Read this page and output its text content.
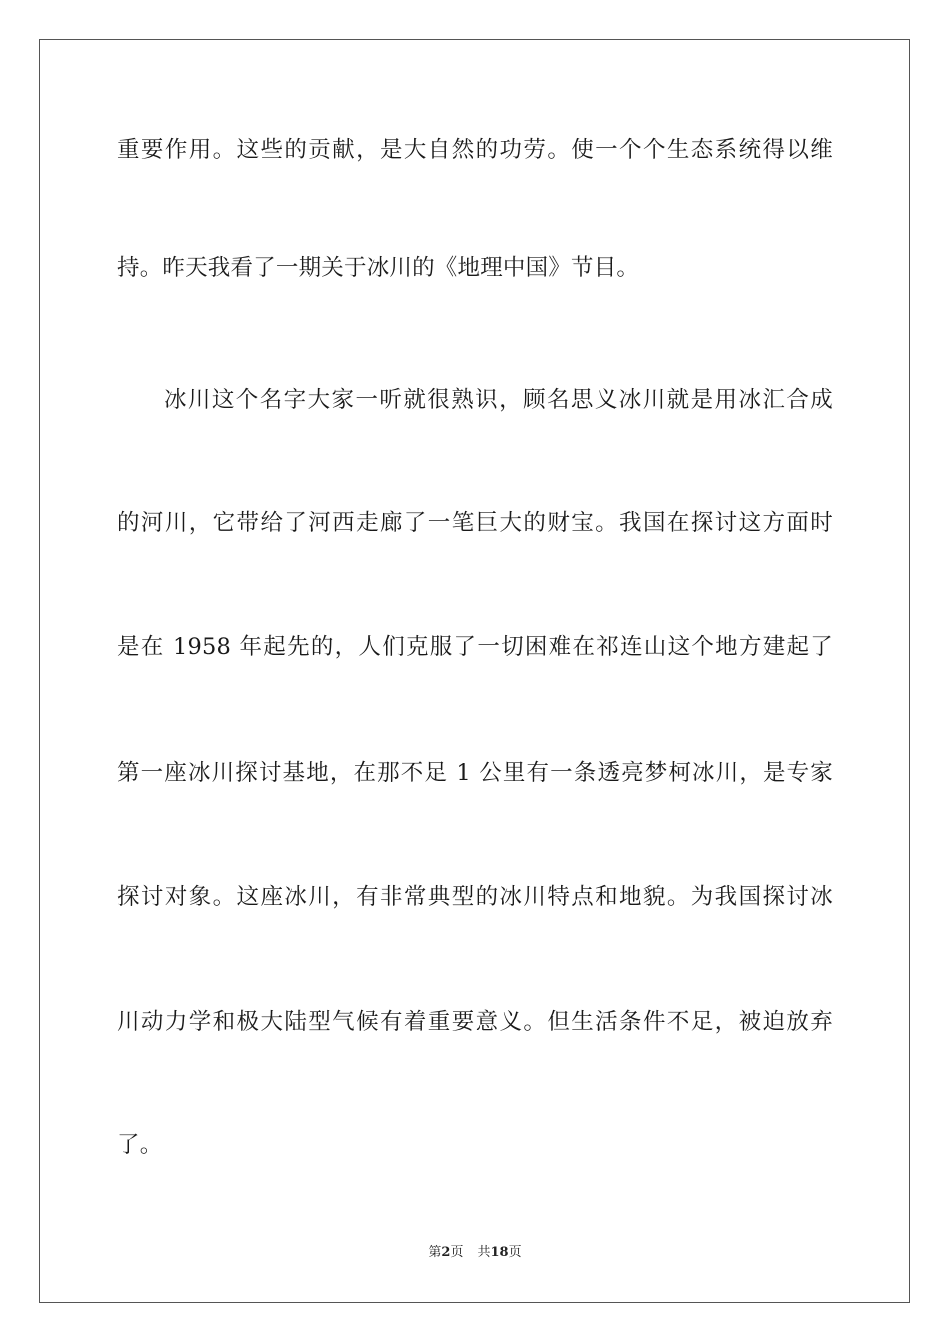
重要作用。这些的贡献，是大自然的功劳。使一个个生态系统得以维
持。昨天我看了一期关于冰川的《地理中国》节目。
冰川这个名字大家一听就很熟识，顾名思义冰川就是用冰汇合成
的河川，它带给了河西走廊了一笔巨大的财宝。我国在探讨这方面时
是在 1958 年起先的，人们克服了一切困难在祁连山这个地方建起了
第一座冰川探讨基地，在那不足 1 公里有一条透亮梦柯冰川，是专家
探讨对象。这座冰川，有非常典型的冰川特点和地貌。为我国探讨冰
川动力学和极大陆型气候有着重要意义。但生活条件不足，被迫放弃
了。
第2页 共18页
